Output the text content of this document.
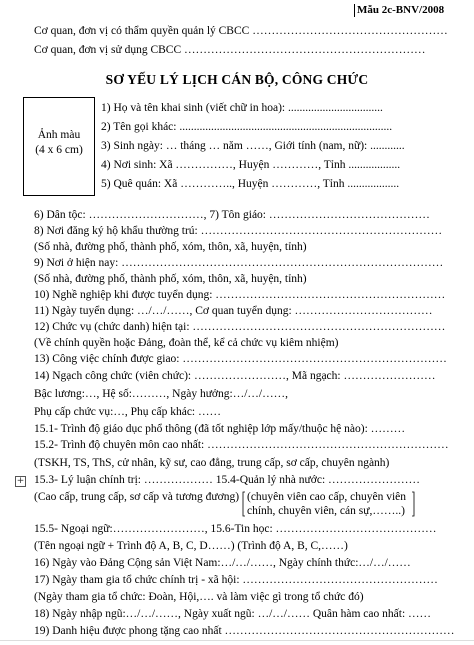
Mẫu 2c-BNV/2008
Cơ quan, đơn vị có thẩm quyền quản lý CBCC ……………………………………………
Cơ quan, đơn vị sử dụng CBCC ………………………………………………………
SƠ YẾU LÝ LỊCH CÁN BỘ, CÔNG CHỨC
Ảnh màu
(4 x 6 cm)
1) Họ và tên khai sinh (viết chữ in hoa): .................................
2) Tên gọi khác: ..........................................................................
3) Sinh ngày: … tháng … năm ……, Giới tính (nam, nữ): ............
4) Nơi sinh: Xã ……………, Huyện …………, Tỉnh ..................
5) Quê quán: Xã ………….., Huyện …………, Tỉnh ..................
6) Dân tộc: …………………………, 7) Tôn giáo: ……………………………………
8) Nơi đăng ký hộ khẩu thường trú: ………………………………………………………
(Số nhà, đường phố, thành phố, xóm, thôn, xã, huyện, tỉnh)
9) Nơi ở hiện nay: …………………………………………………………………………
(Số nhà, đường phố, thành phố, xóm, thôn, xã, huyện, tỉnh)
10) Nghề nghiệp khi được tuyển dụng: ……………………………………………………
11) Ngày tuyển dụng: …/…/……, Cơ quan tuyển dụng: ………………………………
12) Chức vụ (chức danh) hiện tại: …………………………………………………………
(Về chính quyền hoặc Đảng, đoàn thể, kể cả chức vụ kiêm nhiệm)
13) Công việc chính được giao: ……………………………………………………………
14) Ngạch công chức (viên chức): ……………………, Mã ngạch: ……………………
Bậc lương:…, Hệ số:………, Ngày hưởng:…/…/……,
Phụ cấp chức vụ:…, Phụ cấp khác: ……
15.1- Trình độ giáo dục phổ thông (đã tốt nghiệp lớp mấy/thuộc hệ nào): ………
15.2- Trình độ chuyên môn cao nhất: ………………………………………………………
(TSKH, TS, ThS, cử nhân, kỹ sư, cao đẳng, trung cấp, sơ cấp, chuyên ngành)
+ 15.3- Lý luận chính trị: ……………… 15.4-Quản lý nhà nước: ……………………
(Cao cấp, trung cấp, sơ cấp và tương đương) (chuyên viên cao cấp, chuyên viên
chính, chuyên viên, cán sự,……..)
15.5- Ngoại ngữ:……………………, 15.6-Tin học: ……………………………………
(Tên ngoại ngữ + Trình độ A, B, C, D……) (Trình độ A, B, C,……)
16) Ngày vào Đảng Cộng sản Việt Nam:…/…/……, Ngày chính thức:…/…/……
17) Ngày tham gia tổ chức chính trị - xã hội: ……………………………………………
(Ngày tham gia tổ chức: Đoàn, Hội,…. và làm việc gì trong tổ chức đó)
18) Ngày nhập ngũ:…/…/……, Ngày xuất ngũ: …/…/…… Quân hàm cao nhất: ……
19) Danh hiệu được phong tặng cao nhất ……………………………………………………
